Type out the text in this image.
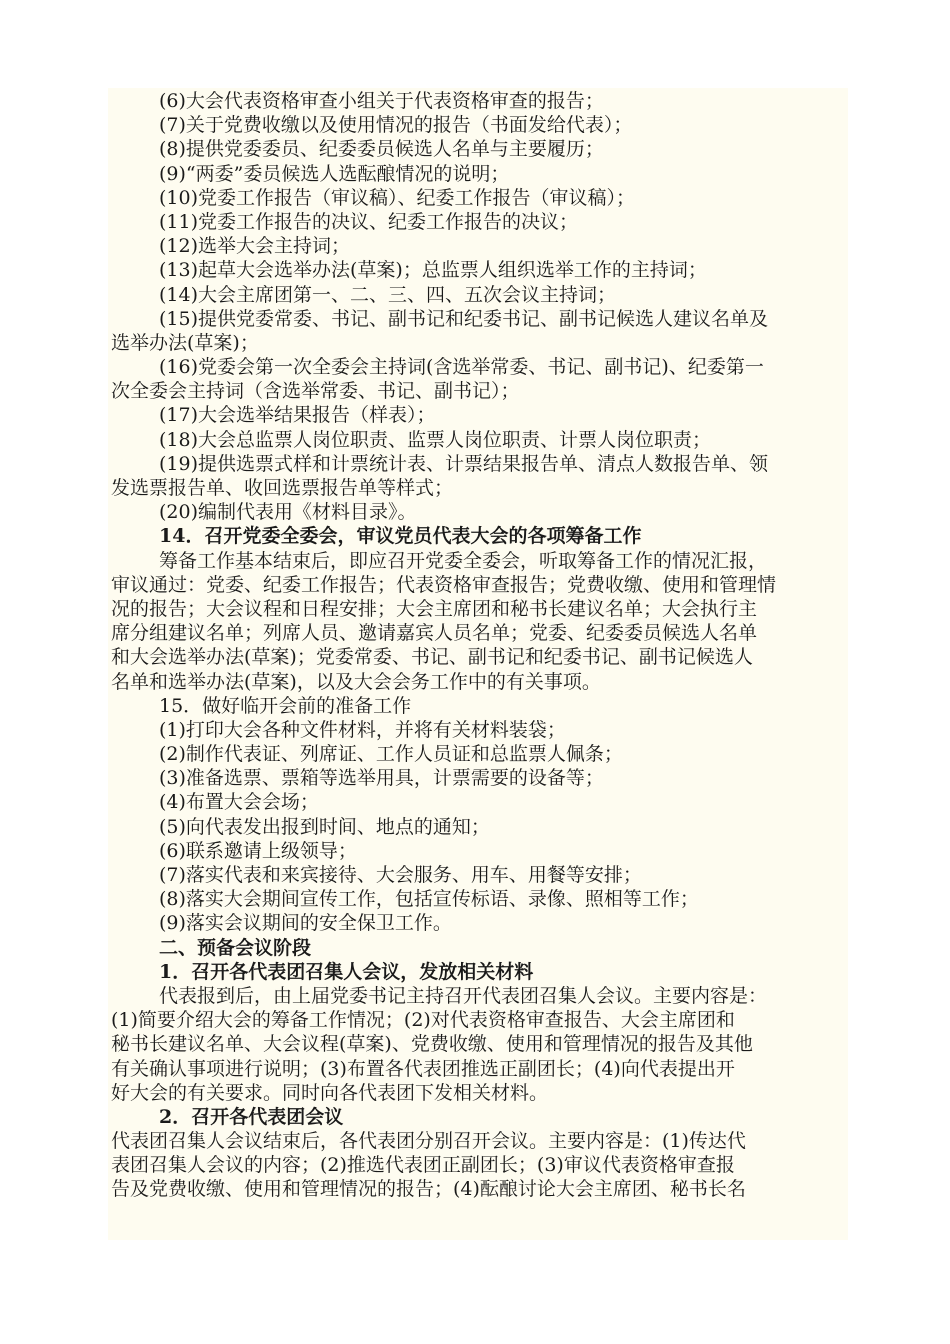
(6)大会代表资格审查小组关于代表资格审查的报告；
(7)关于党费收缴以及使用情况的报告（书面发给代表）；
(8)提供党委委员、纪委委员候选人名单与主要履历；
(9)“两委”委员候选人选酝酿情况的说明；
(10)党委工作报告（审议稿）、纪委工作报告（审议稿）；
(11)党委工作报告的决议、纪委工作报告的决议；
(12)选举大会主持词；
(13)起草大会选举办法(草案)；总监票人组织选举工作的主持词；
(14)大会主席团第一、二、三、四、五次会议主持词；
(15)提供党委常委、书记、副书记和纪委书记、副书记候选人建议名单及
选举办法(草案)；
(16)党委会第一次全委会主持词(含选举常委、书记、副书记)、纪委第一
次全委会主持词（含选举常委、书记、副书记）；
(17)大会选举结果报告（样表）；
(18)大会总监票人岗位职责、监票人岗位职责、计票人岗位职责；
(19)提供选票式样和计票统计表、计票结果报告单、清点人数报告单、领
发选票报告单、收回选票报告单等样式；
(20)编制代表用《材料目录》。
14．召开党委全委会，审议党员代表大会的各项筹备工作
筹备工作基本结束后，即应召开党委全委会，听取筹备工作的情况汇报，
审议通过：党委、纪委工作报告；代表资格审查报告；党费收缴、使用和管理情
况的报告；大会议程和日程安排；大会主席团和秘书长建议名单；大会执行主
席分组建议名单；列席人员、邀请嘉宾人员名单；党委、纪委委员候选人名单
和大会选举办法(草案)；党委常委、书记、副书记和纪委书记、副书记候选人
名单和选举办法(草案)，以及大会会务工作中的有关事项。
15．做好临开会前的准备工作
(1)打印大会各种文件材料，并将有关材料装袋；
(2)制作代表证、列席证、工作人员证和总监票人佩条；
(3)准备选票、票箱等选举用具，计票需要的设备等；
(4)布置大会会场；
(5)向代表发出报到时间、地点的通知；
(6)联系邀请上级领导；
(7)落实代表和来宾接待、大会服务、用车、用餐等安排；
(8)落实大会期间宣传工作，包括宣传标语、录像、照相等工作；
(9)落实会议期间的安全保卫工作。
二、预备会议阶段
1．召开各代表团召集人会议，发放相关材料
代表报到后，由上届党委书记主持召开代表团召集人会议。主要内容是：
(1)简要介绍大会的筹备工作情况；(2)对代表资格审查报告、大会主席团和
秘书长建议名单、大会议程(草案)、党费收缴、使用和管理情况的报告及其他
有关确认事项进行说明；(3)布置各代表团推选正副团长；(4)向代表提出开
好大会的有关要求。同时向各代表团下发相关材料。
2．召开各代表团会议
代表团召集人会议结束后，各代表团分别召开会议。主要内容是：(1)传达代
表团召集人会议的内容；(2)推选代表团正副团长；(3)审议代表资格审查报
告及党费收缴、使用和管理情况的报告；(4)酝酿讨论大会主席团、秘书长名
